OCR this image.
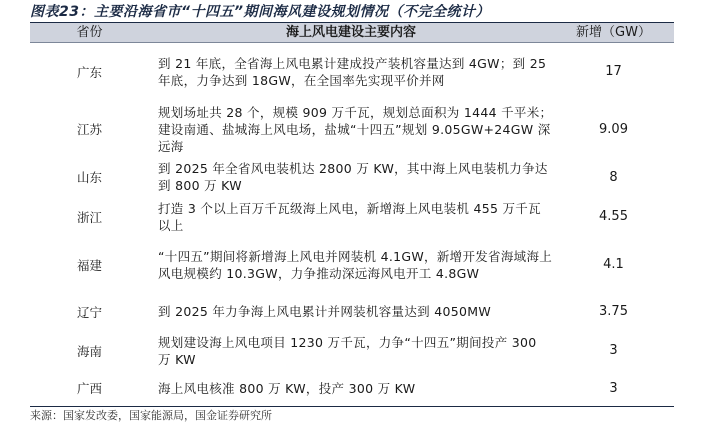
图表23：主要沿海省市“十四五”期间海风建设规划情况（不完全统计）
省份	海上风电建设主要内容	新增（GW）
广东	到 21 年底，全省海上风电累计建成投产装机容量达到 4GW；到 25 年底，力争达到 18GW，在全国率先实现平价并网	17
江苏	规划场址共 28 个，规模 909 万千瓦，规划总面积为 1444 千平米；建设南通、盐城海上风电场，盐城“十四五”规划 9.05GW+24GW 深远海	9.09
山东	到 2025 年全省风电装机达 2800 万 KW，其中海上风电装机力争达到 800 万 KW	8
浙江	打造 3 个以上百万千瓦级海上风电，新增海上风电装机 455 万千瓦以上	4.55
福建	“十四五”期间将新增海上风电并网装机 4.1GW，新增开发省海域海上风电规模约 10.3GW，力争推动深远海风电开工 4.8GW	4.1
辽宁	到 2025 年力争海上风电累计并网装机容量达到 4050MW	3.75
海南	规划建设海上风电项目 1230 万千瓦，力争“十四五”期间投产 300 万 KW	3
广西	海上风电核准 800 万 KW，投产 300 万 KW	3
来源：国家发改委，国家能源局，国金证券研究所
